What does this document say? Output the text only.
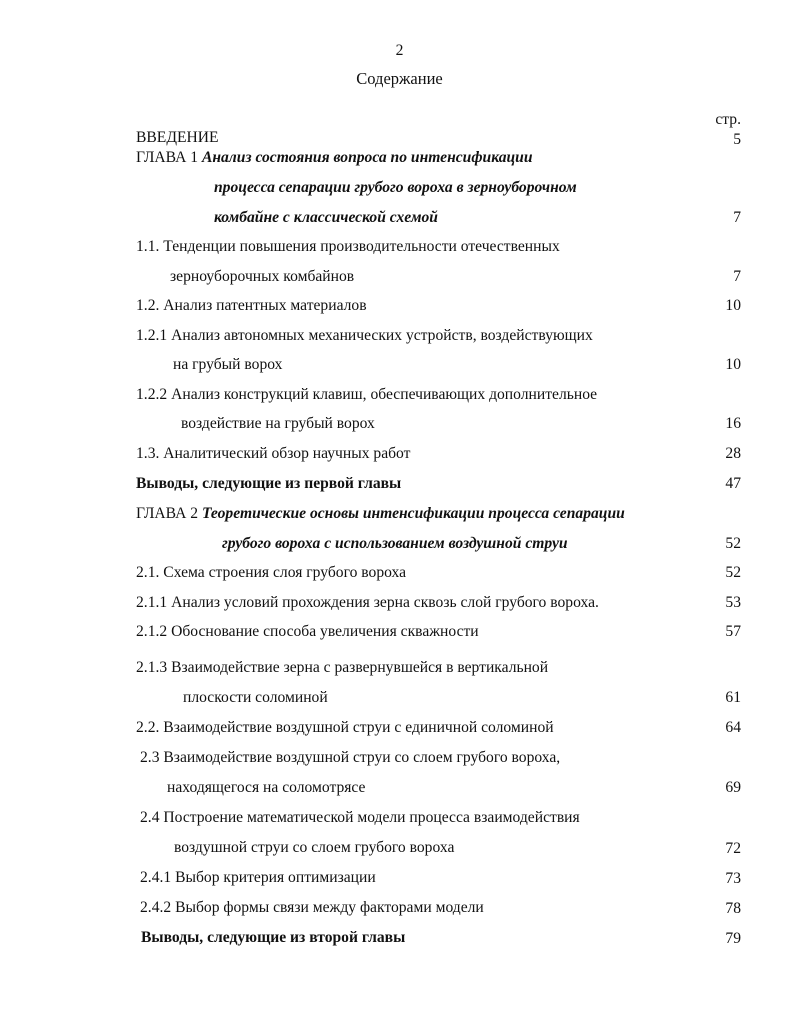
2
Содержание
стр.
ВВЕДЕНИЕ	5
ГЛАВА 1 Анализ состояния вопроса по интенсификации
процесса сепарации грубого вороха в зерноуборочном
комбайне с классической схемой	7
1.1. Тенденции повышения производительности отечественных
зерноуборочных комбайнов	7
1.2. Анализ патентных материалов	10
1.2.1 Анализ автономных механических устройств, воздействующих
на грубый ворох	10
1.2.2 Анализ конструкций клавиш, обеспечивающих дополнительное
воздействие на грубый ворох	16
1.3. Аналитический обзор научных работ	28
Выводы, следующие из первой главы	47
ГЛАВА 2 Теоретические основы интенсификации процесса сепарации
грубого вороха с использованием воздушной струи	52
2.1. Схема строения слоя грубого вороха	52
2.1.1 Анализ условий прохождения зерна сквозь слой грубого вороха.	53
2.1.2 Обоснование способа увеличения скважности	57
2.1.3 Взаимодействие зерна с развернувшейся в вертикальной
плоскости соломиной	61
2.2. Взаимодействие воздушной струи с единичной соломиной	64
2.3 Взаимодействие воздушной струи со слоем грубого вороха,
находящегося на соломотрясе	69
2.4 Построение математической модели процесса взаимодействия
воздушной струи со слоем грубого вороха	72
2.4.1 Выбор критерия оптимизации	73
2.4.2 Выбор формы связи между факторами модели	78
Выводы, следующие из второй главы	79
